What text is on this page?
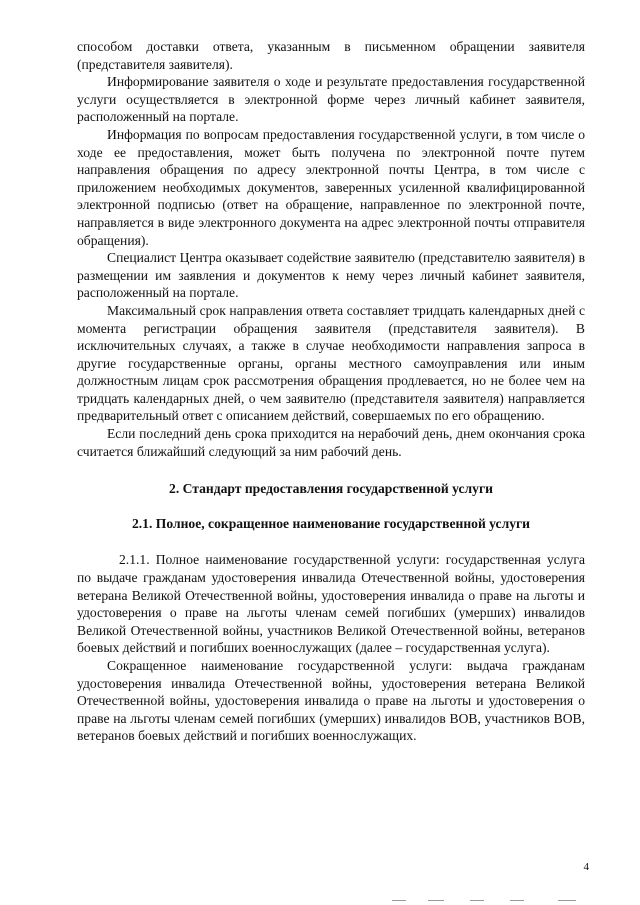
способом доставки ответа, указанным в письменном обращении заявителя (представителя заявителя).

Информирование заявителя о ходе и результате предоставления государственной услуги осуществляется в электронной форме через личный кабинет заявителя, расположенный на портале.

Информация по вопросам предоставления государственной услуги, в том числе о ходе ее предоставления, может быть получена по электронной почте путем направления обращения по адресу электронной почты Центра, в том числе с приложением необходимых документов, заверенных усиленной квалифицированной электронной подписью (ответ на обращение, направленное по электронной почте, направляется в виде электронного документа на адрес электронной почты отправителя обращения).

Специалист Центра оказывает содействие заявителю (представителю заявителя) в размещении им заявления и документов к нему через личный кабинет заявителя, расположенный на портале.

Максимальный срок направления ответа составляет тридцать календарных дней с момента регистрации обращения заявителя (представителя заявителя). В исключительных случаях, а также в случае необходимости направления запроса в другие государственные органы, органы местного самоуправления или иным должностным лицам срок рассмотрения обращения продлевается, но не более чем на тридцать календарных дней, о чем заявителю (представителя заявителя) направляется предварительный ответ с описанием действий, совершаемых по его обращению.

Если последний день срока приходится на нерабочий день, днем окончания срока считается ближайший следующий за ним рабочий день.

2. Стандарт предоставления государственной услуги

2.1. Полное, сокращенное наименование государственной услуги

2.1.1. Полное наименование государственной услуги: государственная услуга по выдаче гражданам удостоверения инвалида Отечественной войны, удостоверения ветерана Великой Отечественной войны, удостоверения инвалида о праве на льготы и удостоверения о праве на льготы членам семей погибших (умерших) инвалидов Великой Отечественной войны, участников Великой Отечественной войны, ветеранов боевых действий и погибших военнослужащих (далее – государственная услуга).

Сокращенное наименование государственной услуги: выдача гражданам удостоверения инвалида Отечественной войны, удостоверения ветерана Великой Отечественной войны, удостоверения инвалида о праве на льготы и удостоверения о праве на льготы членам семей погибших (умерших) инвалидов ВОВ, участников ВОВ, ветеранов боевых действий и погибших военнослужащих.

4
